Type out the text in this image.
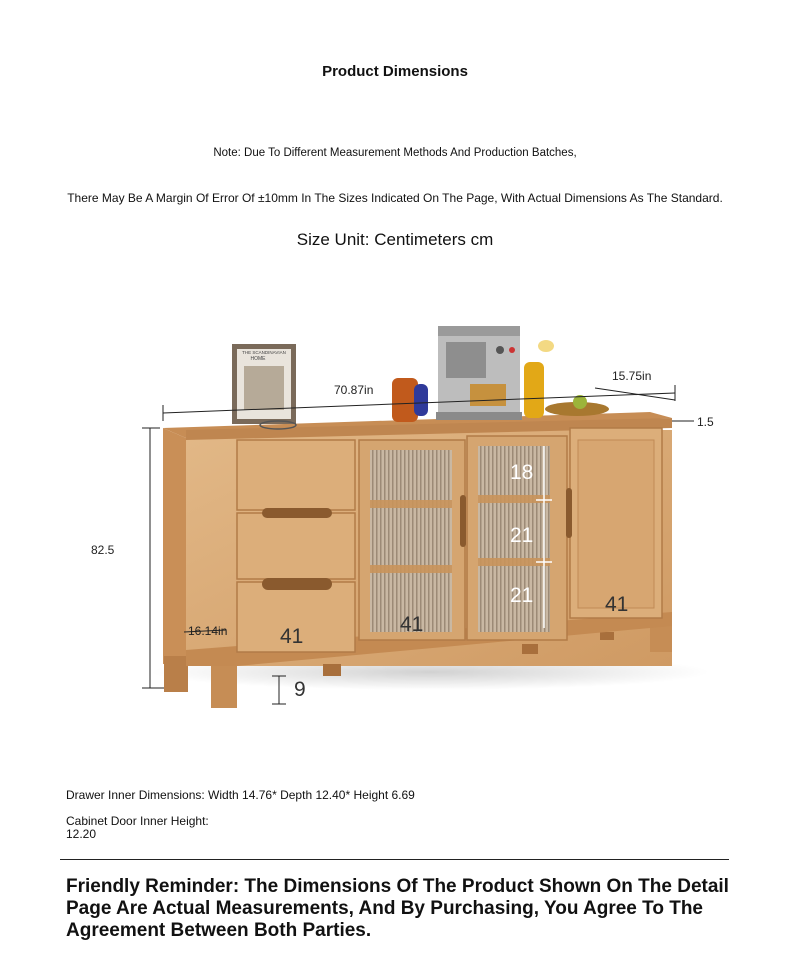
Product Dimensions
Note: Due To Different Measurement Methods And Production Batches,
There May Be A Margin Of Error Of ±10mm In The Sizes Indicated On The Page, With Actual Dimensions As The Standard.
Size Unit: Centimeters cm
THE SCANDINAVIAN
HOME
70.87in
15.75in
1.5
82.5
16.14in
18
21
21
41
41
41
9
Drawer Inner Dimensions: Width 14.76* Depth 12.40* Height 6.69
Cabinet Door Inner Height:
12.20
Friendly Reminder: The Dimensions Of The Product Shown On The Detail Page Are Actual Measurements, And By Purchasing, You Agree To The Agreement Between Both Parties.
